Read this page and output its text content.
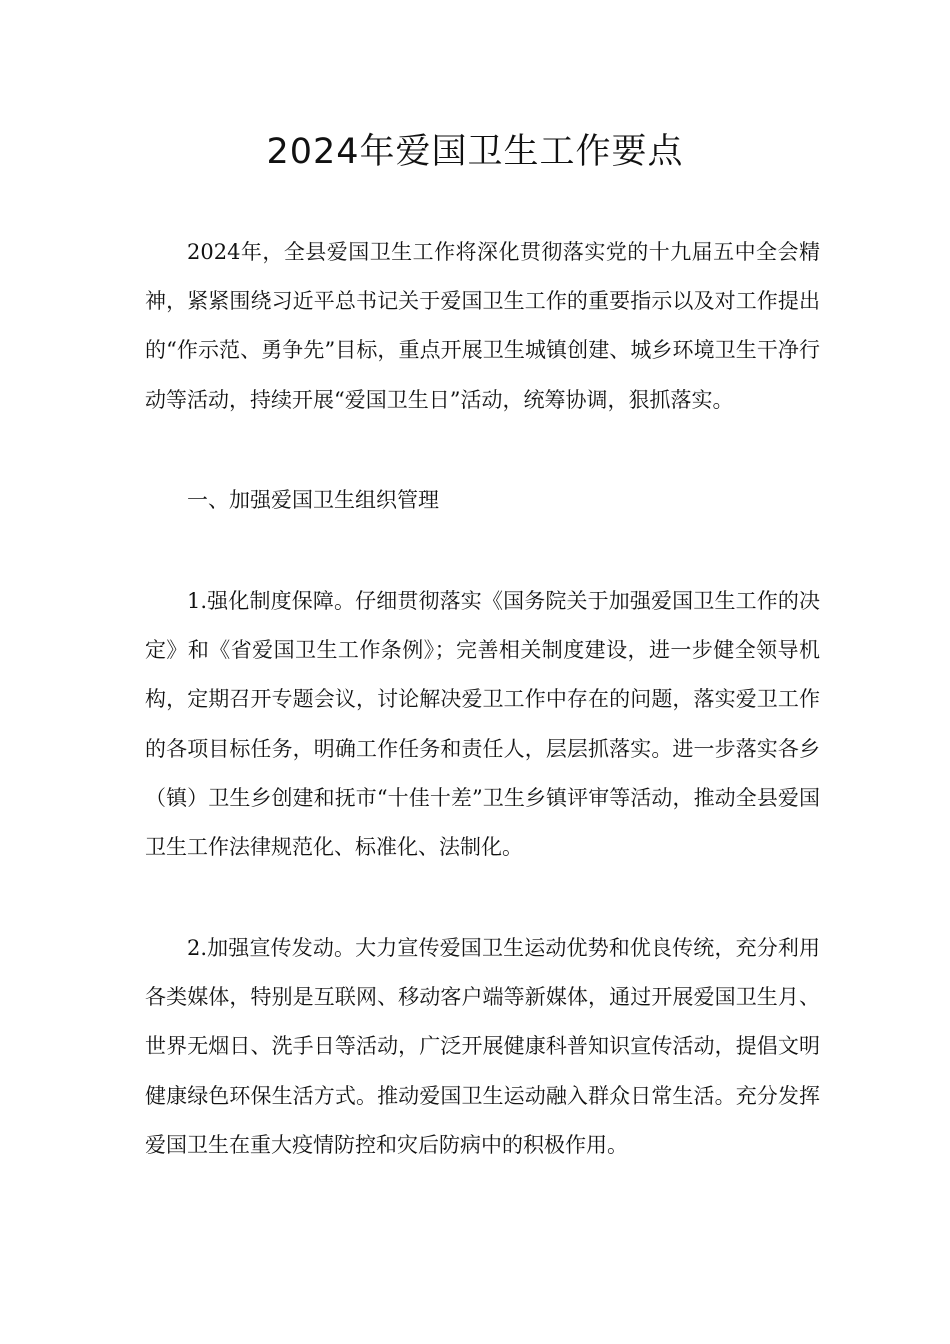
2024年爱国卫生工作要点

2024年，全县爱国卫生工作将深化贯彻落实党的十九届五中全会精神，紧紧围绕习近平总书记关于爱国卫生工作的重要指示以及对工作提出的“作示范、勇争先”目标，重点开展卫生城镇创建、城乡环境卫生干净行动等活动，持续开展“爱国卫生日”活动，统筹协调，狠抓落实。

一、加强爱国卫生组织管理

1.强化制度保障。仔细贯彻落实《国务院关于加强爱国卫生工作的决定》和《省爱国卫生工作条例》；完善相关制度建设，进一步健全领导机构，定期召开专题会议，讨论解决爱卫工作中存在的问题，落实爱卫工作的各项目标任务，明确工作任务和责任人，层层抓落实。进一步落实各乡（镇）卫生乡创建和抚市“十佳十差”卫生乡镇评审等活动，推动全县爱国卫生工作法律规范化、标准化、法制化。

2.加强宣传发动。大力宣传爱国卫生运动优势和优良传统，充分利用各类媒体，特别是互联网、移动客户端等新媒体，通过开展爱国卫生月、世界无烟日、洗手日等活动，广泛开展健康科普知识宣传活动，提倡文明健康绿色环保生活方式。推动爱国卫生运动融入群众日常生活。充分发挥爱国卫生在重大疫情防控和灾后防病中的积极作用。
